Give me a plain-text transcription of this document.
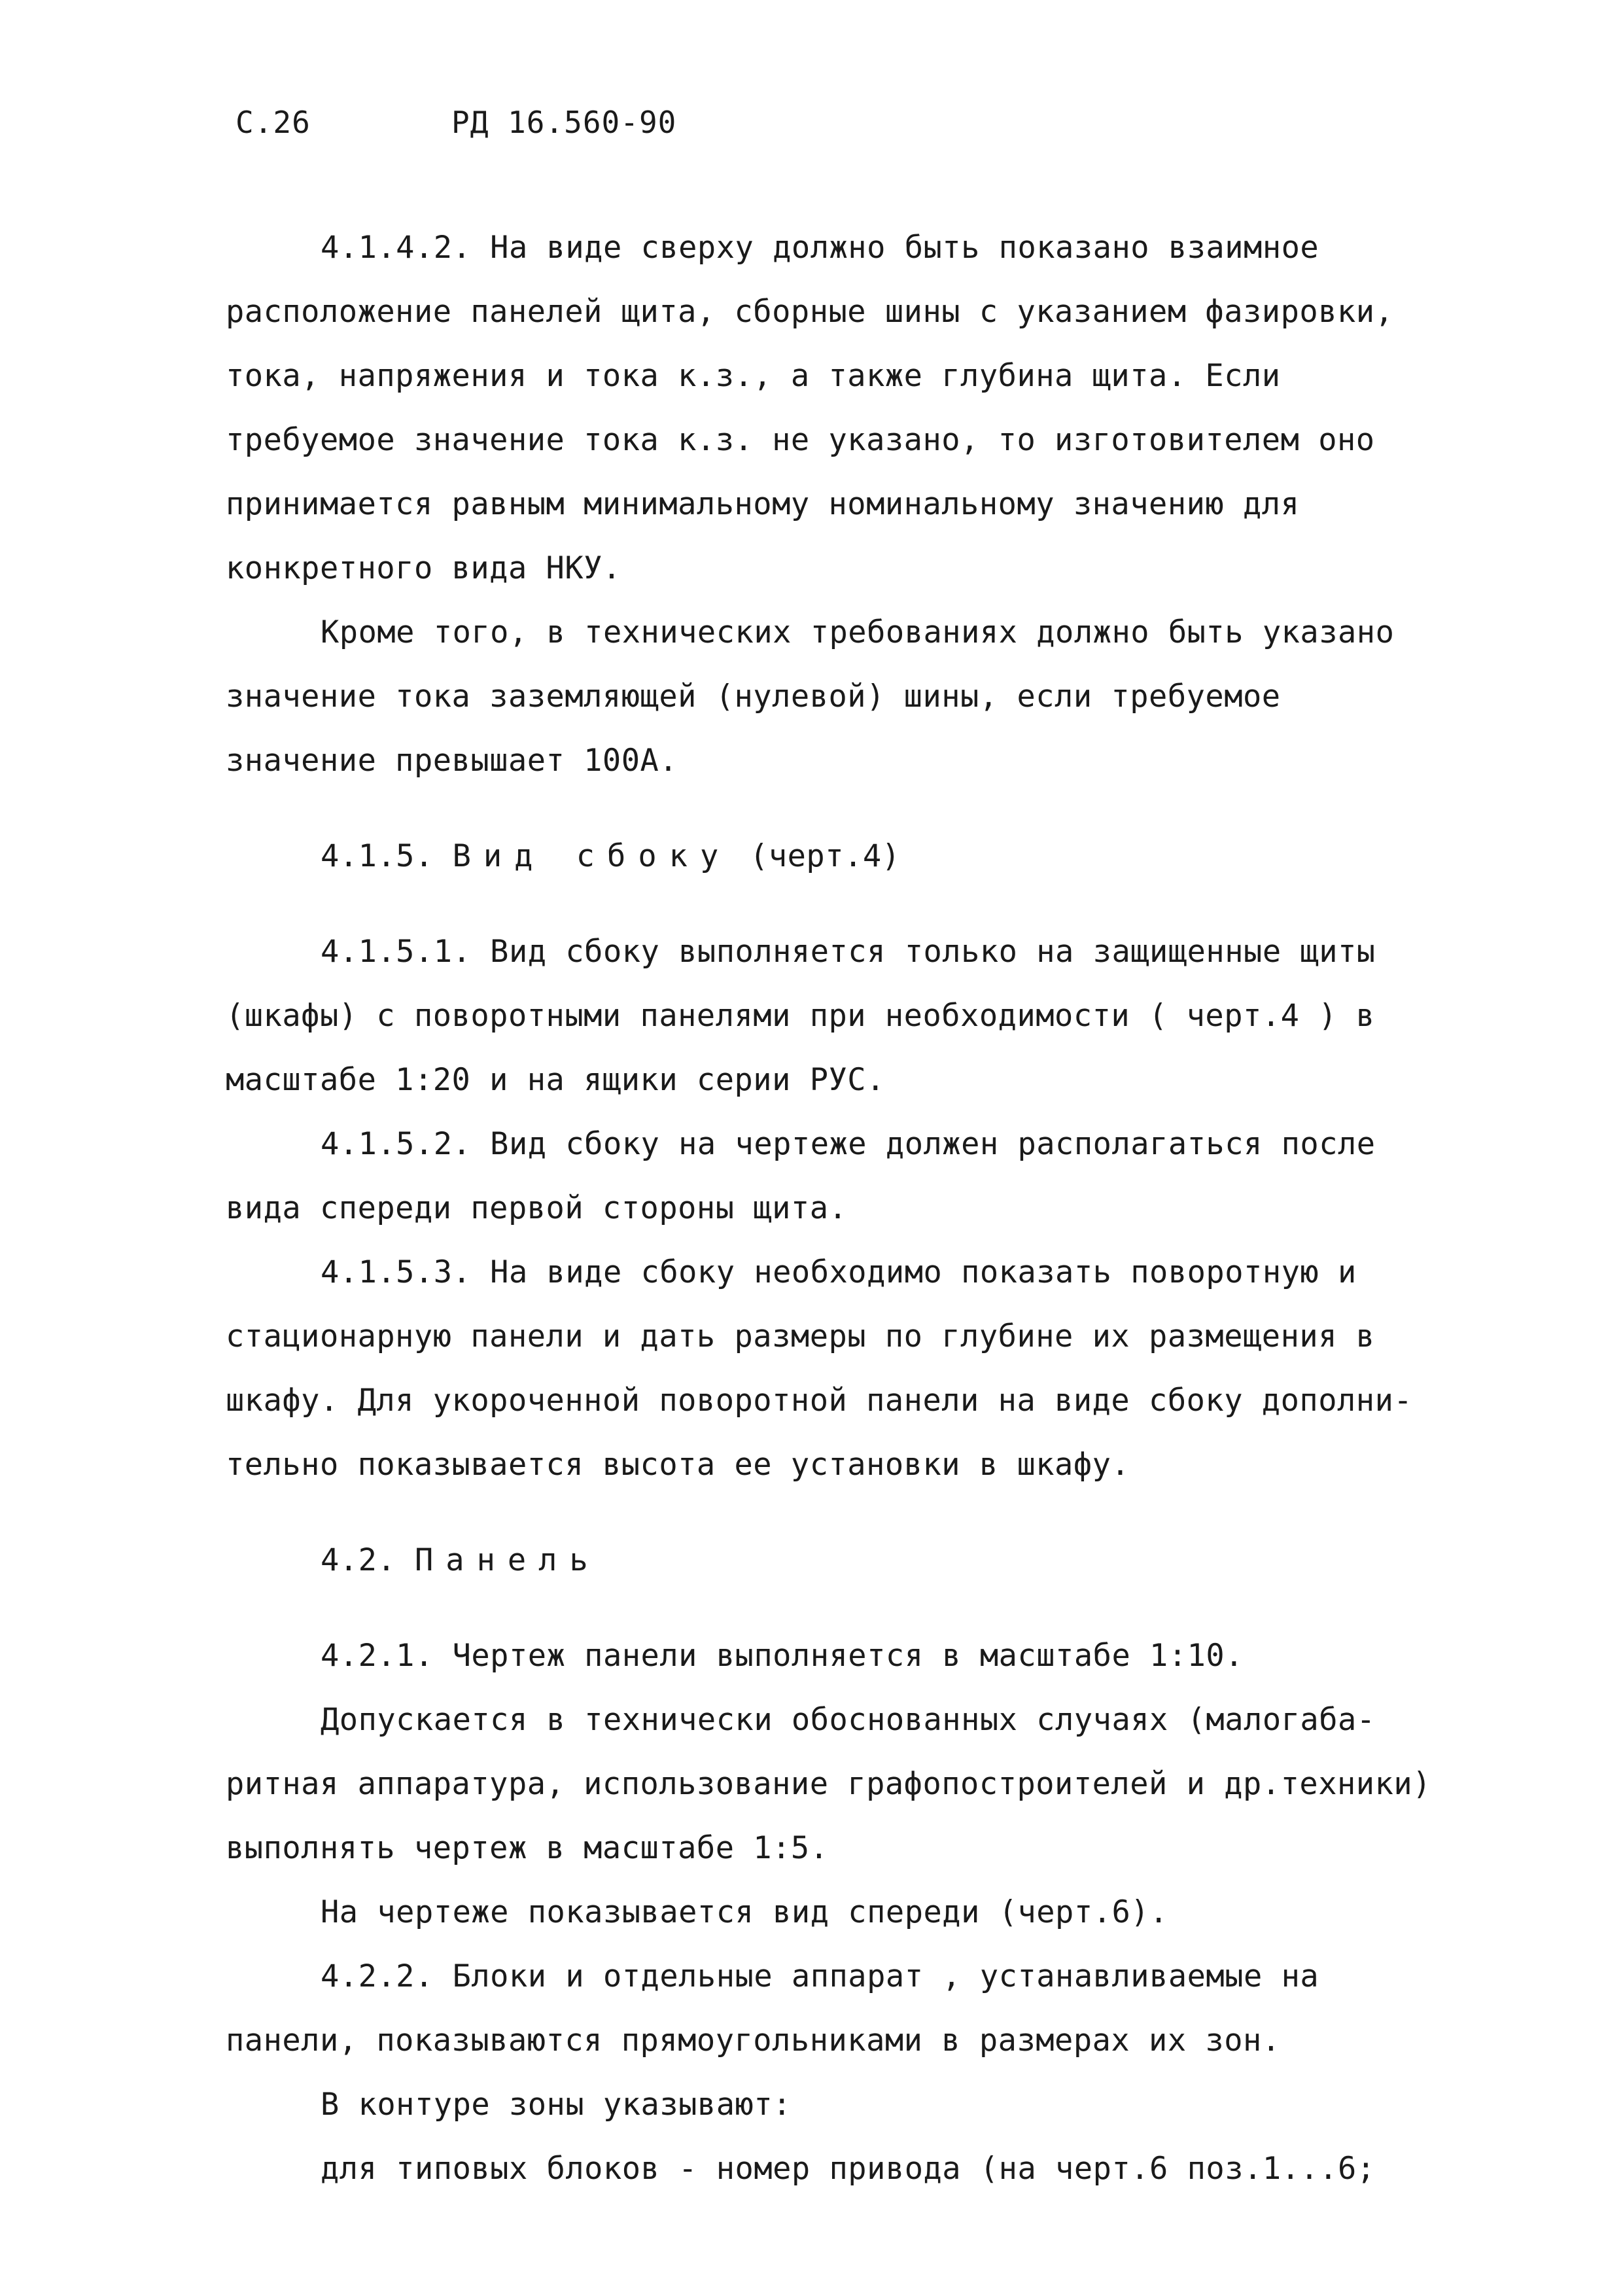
С.26	РД 16.560-90

4.1.4.2. На виде сверху должно быть показано взаимное

расположение панелей щита, сборные шины с указанием фазировки,

тока, напряжения и тока к.з., а также глубина щита. Если

требуемое значение тока к.з. не указано, то изготовителем оно

принимается равным минимальному номинальному значению для

конкретного вида НКУ.

Кроме того, в технических требованиях должно быть указано

значение тока заземляющей (нулевой) шины, если требуемое

значение превышает 100А.

4.1.5. Вид сбоку (черт.4)

4.1.5.1. Вид сбоку выполняется только на защищенные щиты

(шкафы) с поворотными панелями при необходимости ( черт.4 ) в

масштабе 1:20 и на ящики серии РУС.

4.1.5.2. Вид сбоку на чертеже должен располагаться после

вида спереди первой стороны щита.

4.1.5.3. На виде сбоку необходимо показать поворотную и

стационарную панели и дать размеры по глубине их размещения в

шкафу. Для укороченной поворотной панели на виде сбоку дополни-

тельно показывается высота ее установки в шкафу.

4.2. Панель

4.2.1. Чертеж панели выполняется в масштабе 1:10.

Допускается в технически обоснованных случаях (малогаба-

ритная аппаратура, использование графопостроителей и др.техники)

выполнять чертеж в масштабе 1:5.

На чертеже показывается вид спереди (черт.6).

4.2.2. Блоки и отдельные аппарат , устанавливаемые на

панели, показываются прямоугольниками в размерах их зон.

В контуре зоны указывают:

для типовых блоков - номер привода (на черт.6 поз.1...6;
